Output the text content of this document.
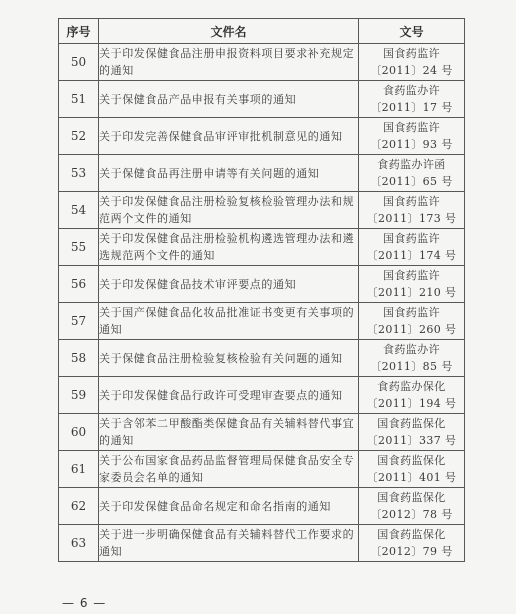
序号	文件名	文号
50	关于印发保健食品注册申报资料项目要求补充规定的通知	国食药监许
〔2011〕24 号

51	关于保健食品产品申报有关事项的通知	食药监办许
〔2011〕17 号

52	关于印发完善保健食品审评审批机制意见的通知	国食药监许
〔2011〕93 号

53	关于保健食品再注册申请等有关问题的通知	食药监办许函
〔2011〕65 号

54	关于印发保健食品注册检验复核检验管理办法和规范两个文件的通知	国食药监许
〔2011〕173 号

55	关于印发保健食品注册检验机构遴选管理办法和遴选规范两个文件的通知	国食药监许
〔2011〕174 号

56	关于印发保健食品技术审评要点的通知	国食药监许
〔2011〕210 号

57	关于国产保健食品化妆品批准证书变更有关事项的通知	国食药监许
〔2011〕260 号

58	关于保健食品注册检验复核检验有关问题的通知	食药监办许
〔2011〕85 号

59	关于印发保健食品行政许可受理审查要点的通知	食药监办保化
〔2011〕194 号

60	关于含邻苯二甲酸酯类保健食品有关辅料替代事宜的通知	国食药监保化
〔2011〕337 号

61	关于公布国家食品药品监督管理局保健食品安全专家委员会名单的通知	国食药监保化
〔2011〕401 号

62	关于印发保健食品命名规定和命名指南的通知	国食药监保化
〔2012〕78 号

63	关于进一步明确保健食品有关辅料替代工作要求的通知	国食药监保化
〔2012〕79 号
— 6 —
